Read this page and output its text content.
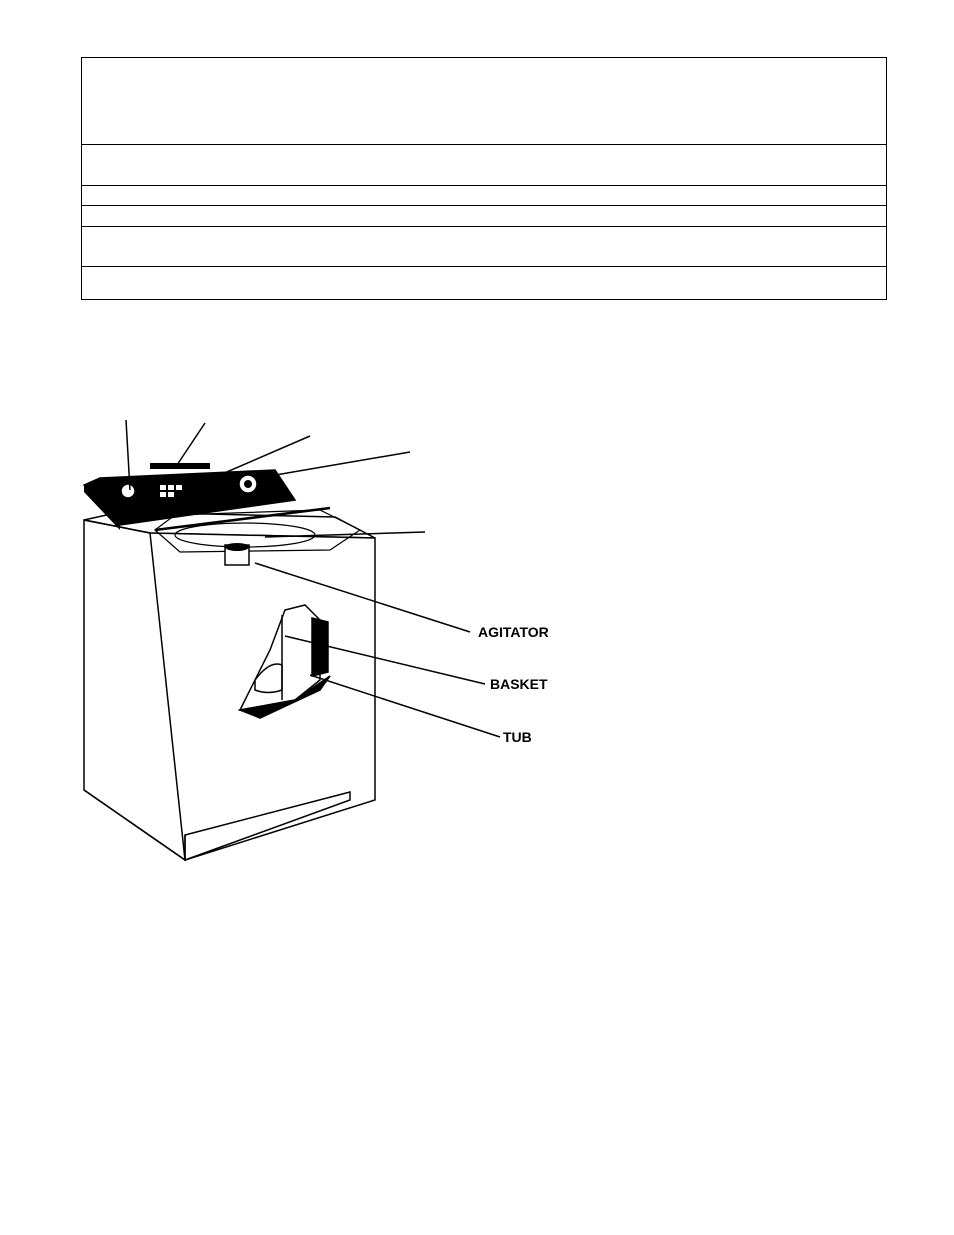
AGITATOR
BASKET
TUB
